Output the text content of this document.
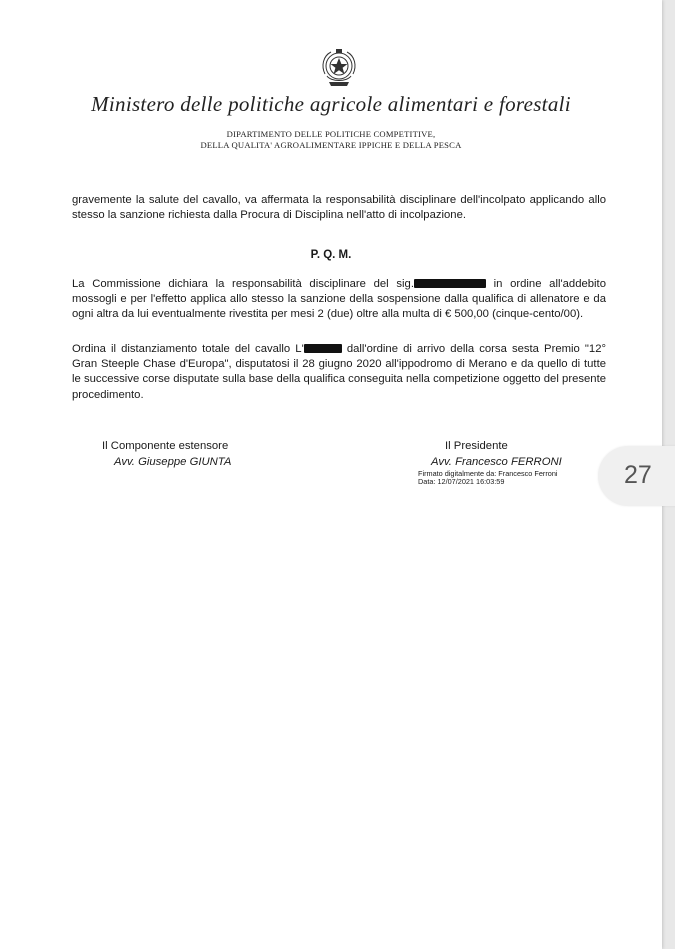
Ministero delle politiche agricole alimentari e forestali
DIPARTIMENTO DELLE POLITICHE COMPETITIVE,
DELLA QUALITA' AGROALIMENTARE IPPICHE E DELLA PESCA

gravemente la salute del cavallo, va affermata la responsabilità disciplinare dell'incolpato applicando allo stesso la sanzione richiesta dalla Procura di Disciplina nell'atto di incolpazione.

P. Q. M.

La Commissione dichiara la responsabilità disciplinare del sig.	in ordine all'addebito mossogli e per l'effetto applica allo stesso la sanzione della sospensione dalla qualifica di allenatore e da ogni altra da lui eventualmente rivestita per mesi 2 (due) oltre alla multa di € 500,00 (cinque-cento/00).

Ordina il distanziamento totale del cavallo L'	dall'ordine di arrivo della corsa sesta Premio "12° Gran Steeple Chase d'Europa", disputatosi il 28 giugno 2020 all'ippodromo di Merano e da quello di tutte le successive corse disputate sulla base della qualifica conseguita nella competizione oggetto del presente procedimento.

Il Componente estensore
Avv. Giuseppe GIUNTA
Il Presidente
Avv. Francesco FERRONI
Firmato digitalmente da: Francesco Ferroni
Data: 12/07/2021 16:03:59	27
